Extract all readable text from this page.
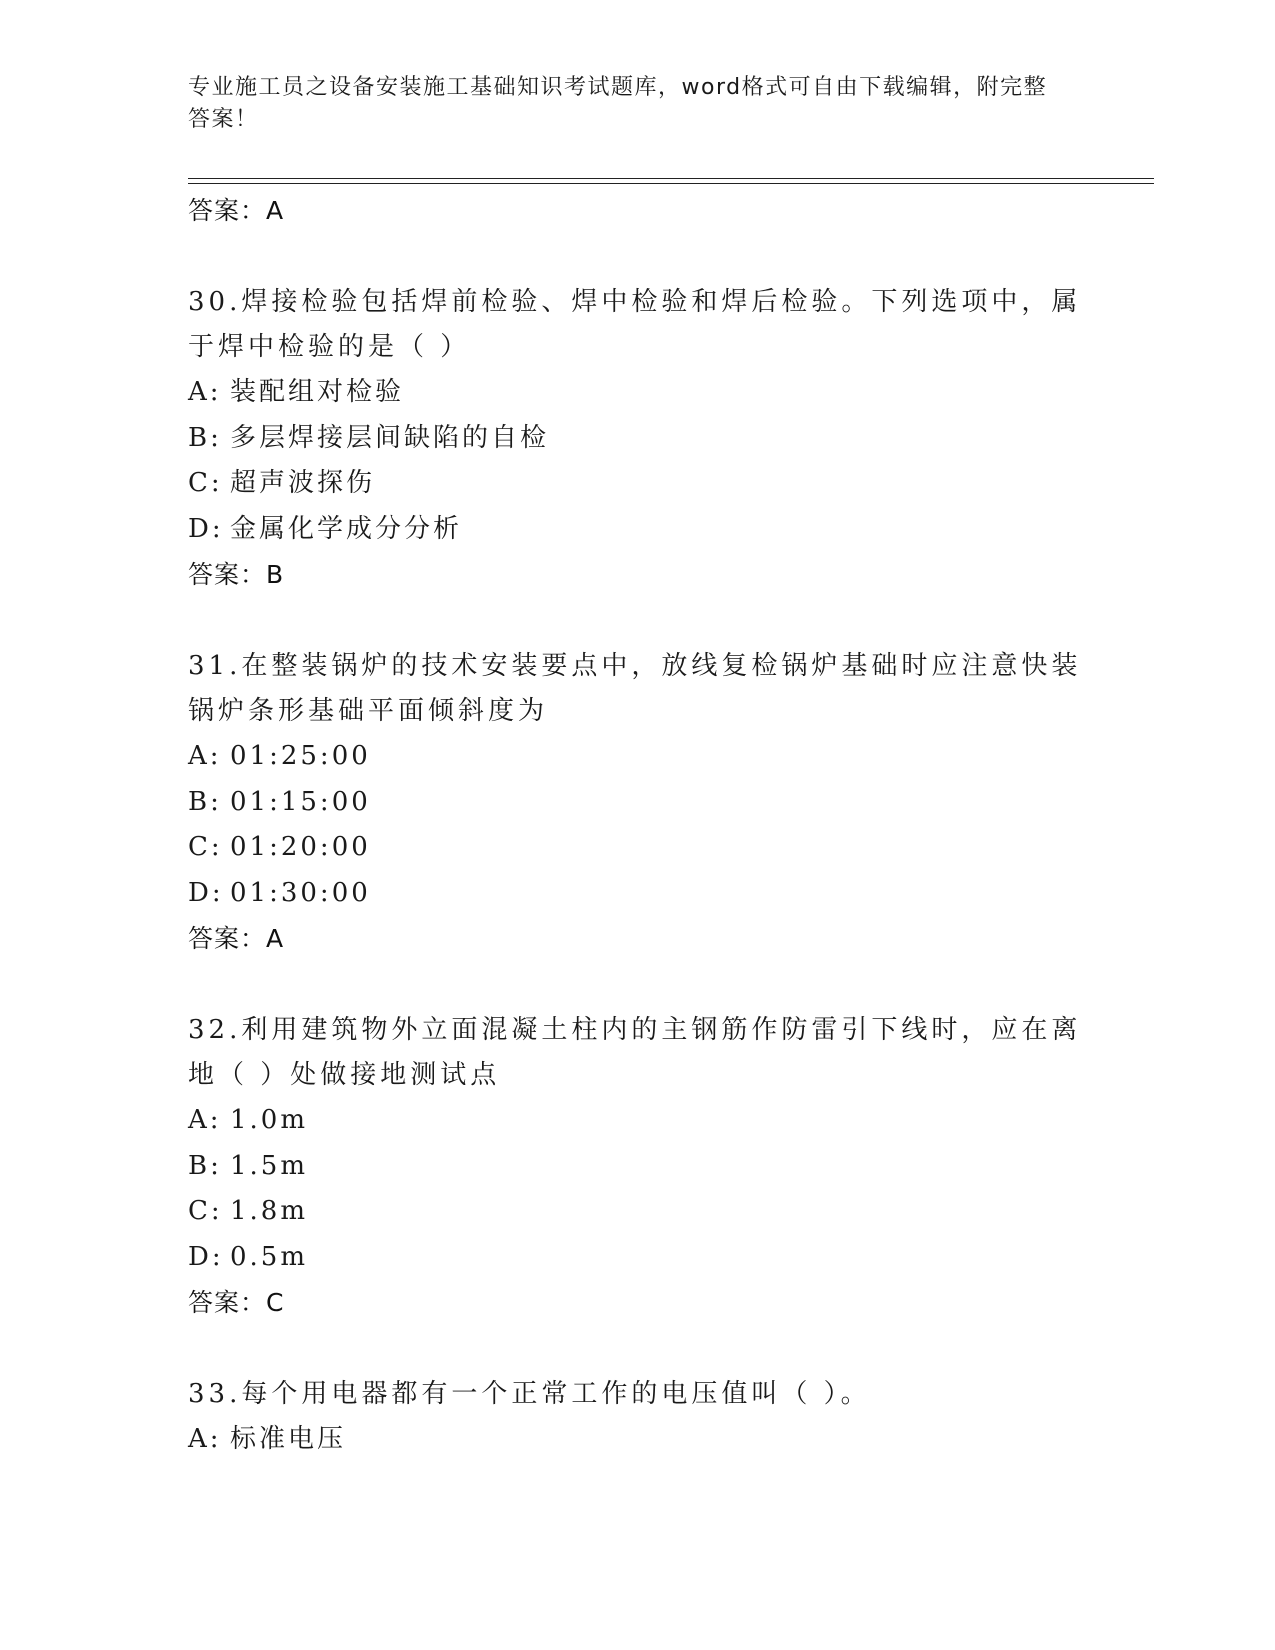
专业施工员之设备安装施工基础知识考试题库，word格式可自由下载编辑，附完整答案！
答案：A
30.焊接检验包括焊前检验、焊中检验和焊后检验。下列选项中，属于焊中检验的是（ ）
A: 装配组对检验
B: 多层焊接层间缺陷的自检
C: 超声波探伤
D: 金属化学成分分析
答案：B
31.在整装锅炉的技术安装要点中，放线复检锅炉基础时应注意快装锅炉条形基础平面倾斜度为
A: 01:25:00
B: 01:15:00
C: 01:20:00
D: 01:30:00
答案：A
32.利用建筑物外立面混凝土柱内的主钢筋作防雷引下线时，应在离地（ ）处做接地测试点
A: 1.0m
B: 1.5m
C: 1.8m
D: 0.5m
答案：C
33.每个用电器都有一个正常工作的电压值叫（ ）。
A: 标准电压
